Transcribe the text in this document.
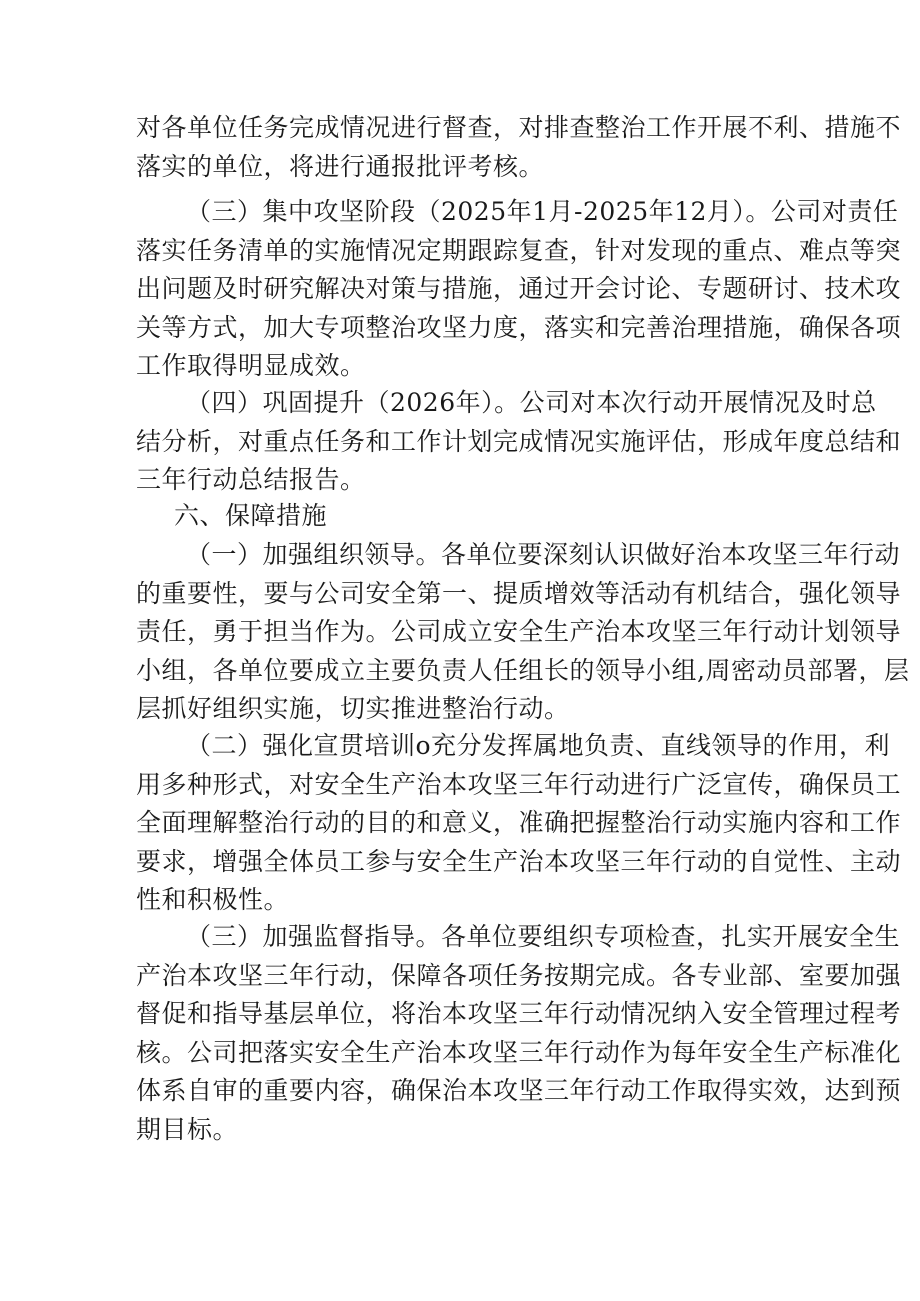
对各单位任务完成情况进行督查，对排查整治工作开展不利、措施不
落实的单位，将进行通报批评考核。
（三）集中攻坚阶段（2025年1月-2025年12月）。公司对责任
落实任务清单的实施情况定期跟踪复查，针对发现的重点、难点等突
出问题及时研究解决对策与措施，通过开会讨论、专题研讨、技术攻
关等方式，加大专项整治攻坚力度，落实和完善治理措施，确保各项
工作取得明显成效。
（四）巩固提升（2026年）。公司对本次行动开展情况及时总
结分析，对重点任务和工作计划完成情况实施评估，形成年度总结和
三年行动总结报告。
六、保障措施
（一）加强组织领导。各单位要深刻认识做好治本攻坚三年行动
的重要性，要与公司安全第一、提质增效等活动有机结合，强化领导
责任，勇于担当作为。公司成立安全生产治本攻坚三年行动计划领导
小组，各单位要成立主要负责人任组长的领导小组,周密动员部署，层
层抓好组织实施，切实推进整治行动。
（二）强化宣贯培训o充分发挥属地负责、直线领导的作用，利
用多种形式，对安全生产治本攻坚三年行动进行广泛宣传，确保员工
全面理解整治行动的目的和意义，准确把握整治行动实施内容和工作
要求，增强全体员工参与安全生产治本攻坚三年行动的自觉性、主动
性和积极性。
（三）加强监督指导。各单位要组织专项检查，扎实开展安全生
产治本攻坚三年行动，保障各项任务按期完成。各专业部、室要加强
督促和指导基层单位，将治本攻坚三年行动情况纳入安全管理过程考
核。公司把落实安全生产治本攻坚三年行动作为每年安全生产标准化
体系自审的重要内容，确保治本攻坚三年行动工作取得实效，达到预
期目标。
